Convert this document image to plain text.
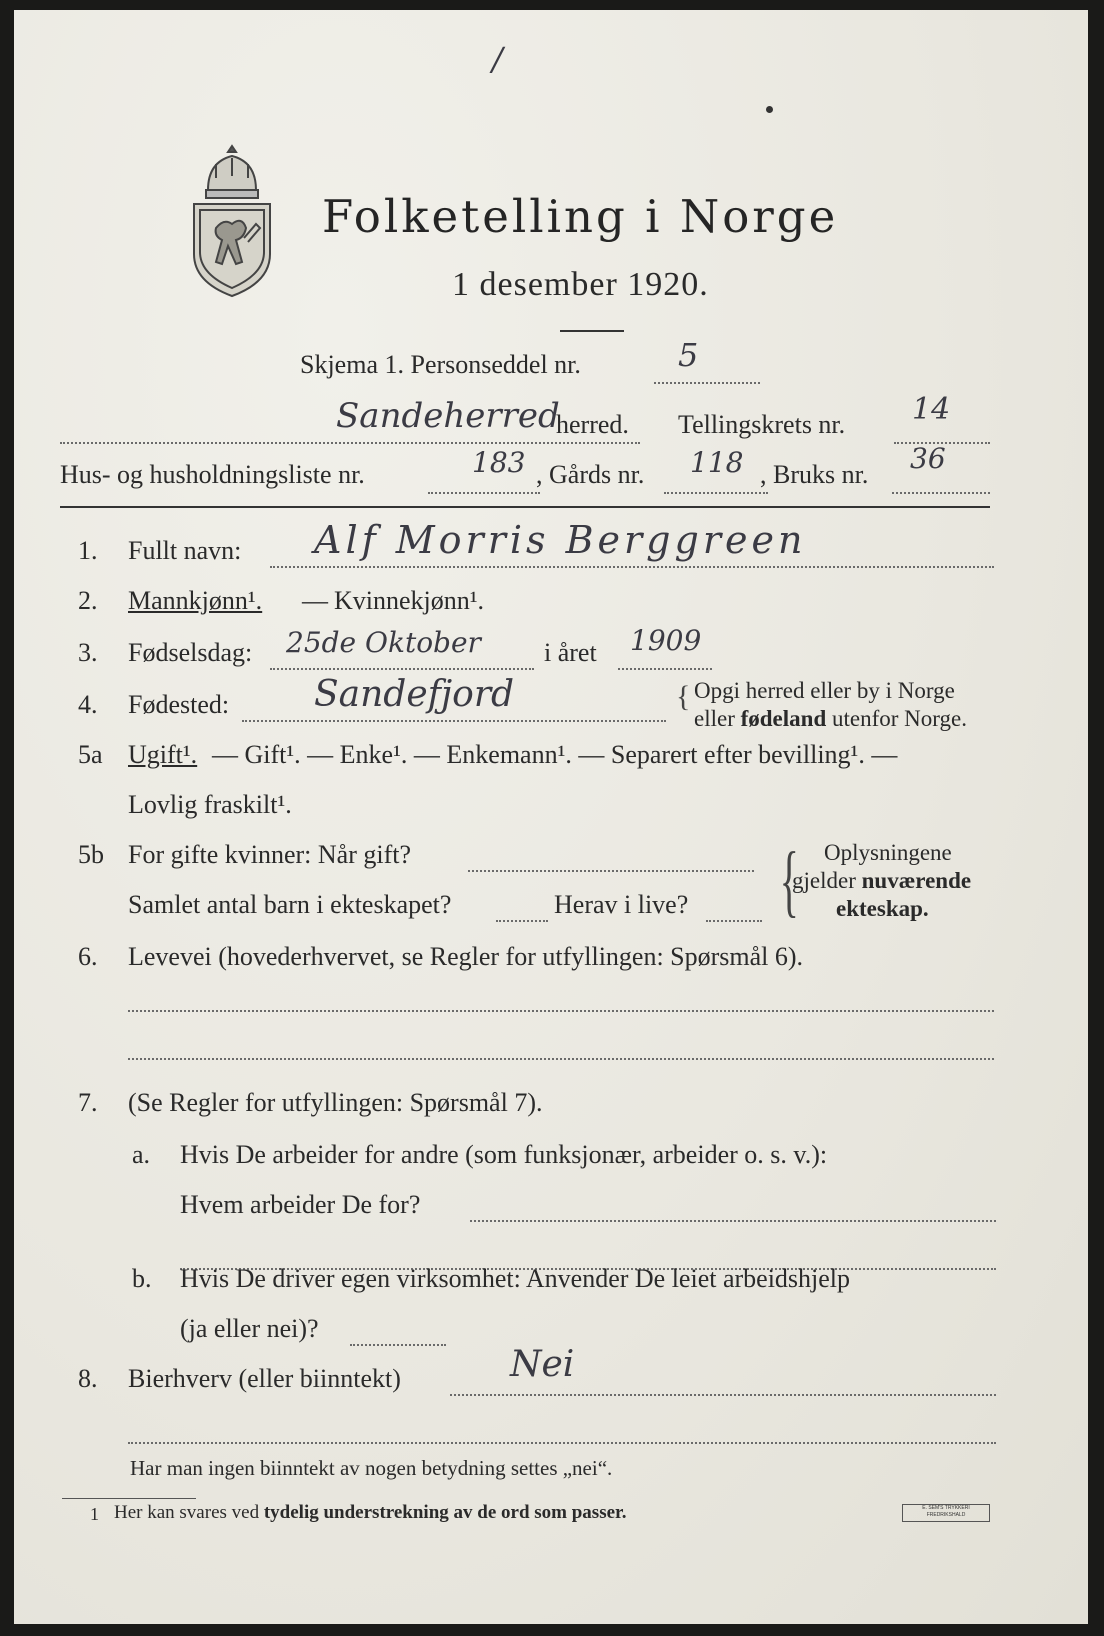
/
Folketelling i Norge
1 desember 1920.
Skjema 1. Personseddel nr.	5
Sandeherred
herred. Tellingskrets nr. 14
Hus- og husholdningsliste nr.	183 , Gårds nr. 118 , Bruks nr. 36
1. Fullt navn: Alf Morris Berggreen
2. Mannkjønn¹. — Kvinnekjønn¹.
3. Fødselsdag: 25de Oktober i året 1909
4. Fødested: Sandefjord	{ Opgi herred eller by i Norge
eller fødeland utenfor Norge.
5a Ugift¹. — Gift¹. — Enke¹. — Enkemann¹. — Separert efter bevilling¹. —
Lovlig fraskilt¹.
5b For gifte kvinner: Når gift?
Samlet antal barn i ekteskapet?	Herav i live? { Oplysningene
gjelder nuværende
ekteskap.
6. Levevei (hovederhvervet, se Regler for utfyllingen: Spørsmål 6).
7. (Se Regler for utfyllingen: Spørsmål 7).
a. Hvis De arbeider for andre (som funksjonær, arbeider o. s. v.):
Hvem arbeider De for?
b. Hvis De driver egen virksomhet: Anvender De leiet arbeidshjelp
(ja eller nei)?
8. Bierhverv (eller biinntekt)	Nei
Har man ingen biinntekt av nogen betydning settes „nei“.
1 Her kan svares ved tydelig understrekning av de ord som passer.	E. SEM'S TRYKKERI FREDRIKSHALD
